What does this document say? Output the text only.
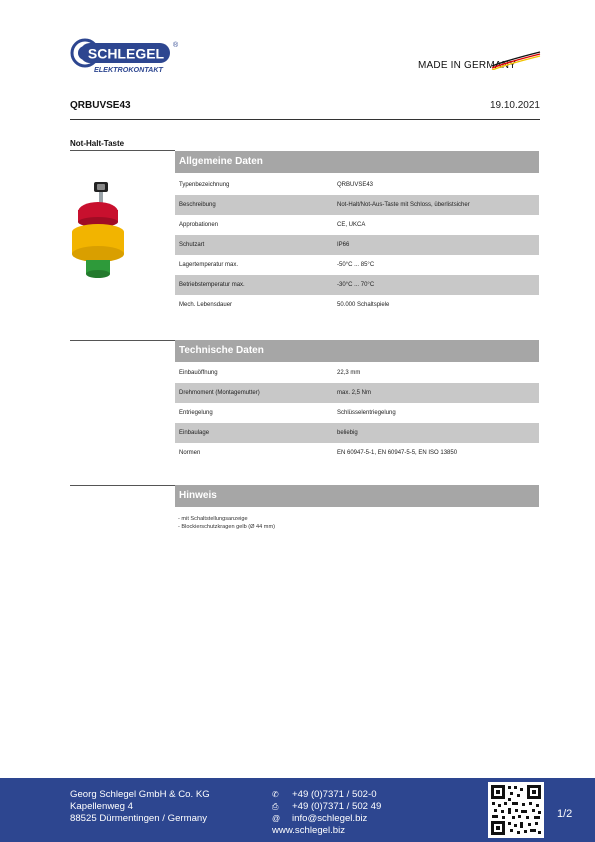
SCHLEGEL ®
ELEKTROKONTAKT	MADE IN GERMANY
QRBUVSE43	19.10.2021
Not-Halt-Taste
Allgemeine Daten
Typenbezeichnung	QRBUVSE43
Beschreibung	Not-Halt/Not-Aus-Taste mit Schloss, überlistsicher
Approbationen	CE, UKCA
Schutzart	IP66
Lagertemperatur max.	-50°C ... 85°C
Betriebstemperatur max.	-30°C ... 70°C
Mech. Lebensdauer	50.000 Schaltspiele
Technische Daten
Einbauöffnung	22,3 mm
Drehmoment (Montagemutter)	max. 2,5 Nm
Entriegelung	Schlüsselentriegelung
Einbaulage	beliebig
Normen	EN 60947-5-1, EN 60947-5-5, EN ISO 13850
Hinweis
- mit Schaltstellungsanzeige
- Blockierschutzkragen gelb (Ø 44 mm)
Georg Schlegel GmbH & Co. KG
Kapellenweg 4
88525 Dürmentingen / Germany
✆	+49 (0)7371 / 502-0
⎙	+49 (0)7371 / 502 49
@	info@schlegel.biz
www.schlegel.biz
1/2
